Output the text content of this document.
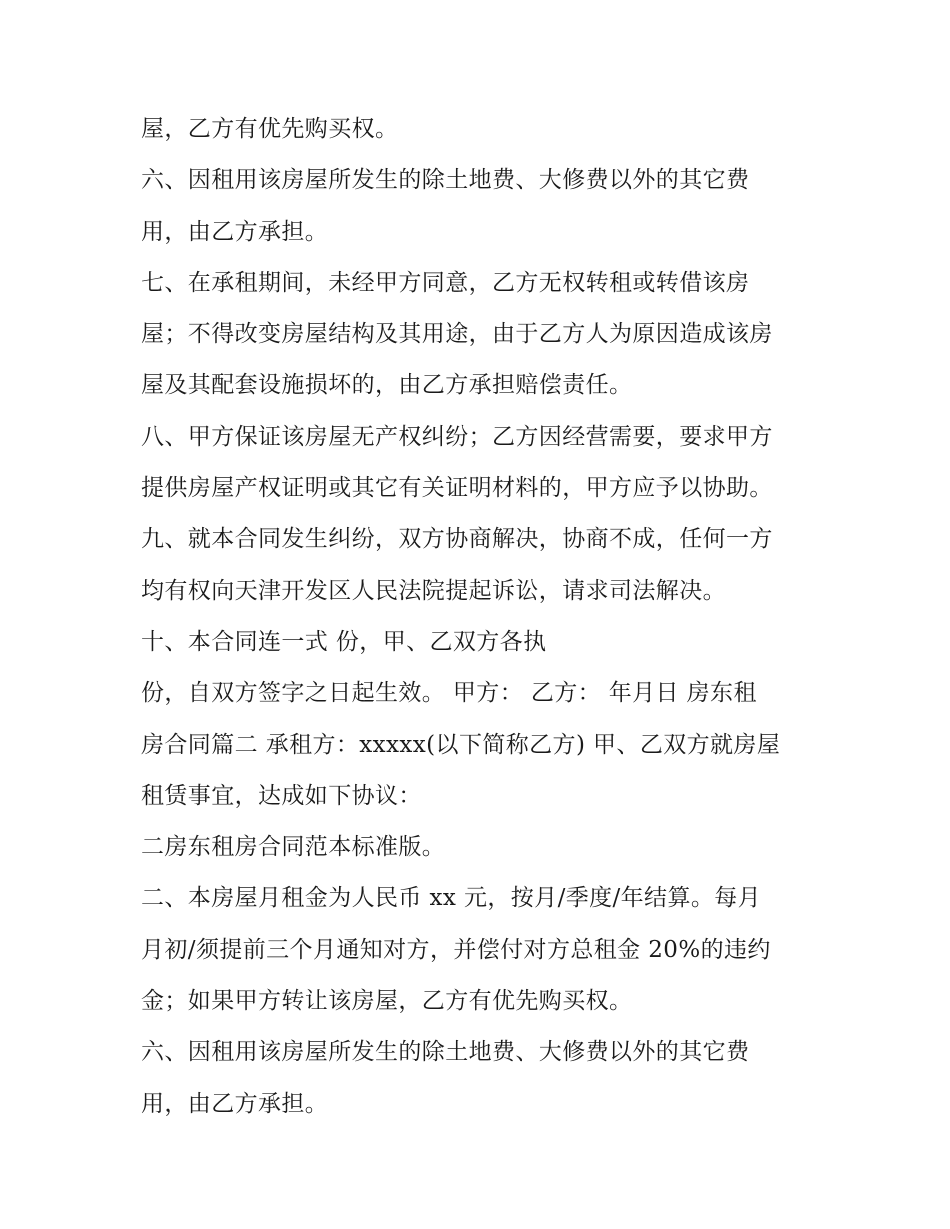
屋，乙方有优先购买权。
六、因租用该房屋所发生的除土地费、大修费以外的其它费
用，由乙方承担。
七、在承租期间，未经甲方同意，乙方无权转租或转借该房
屋；不得改变房屋结构及其用途，由于乙方人为原因造成该房
屋及其配套设施损坏的，由乙方承担赔偿责任。
八、甲方保证该房屋无产权纠纷；乙方因经营需要，要求甲方
提供房屋产权证明或其它有关证明材料的，甲方应予以协助。
九、就本合同发生纠纷，双方协商解决，协商不成，任何一方
均有权向天津开发区人民法院提起诉讼，请求司法解决。
十、本合同连一式 份，甲、乙双方各执
份，自双方签字之日起生效。 甲方： 乙方： 年月日 房东租
房合同篇二 承租方：xxxxx(以下简称乙方) 甲、乙双方就房屋
租赁事宜，达成如下协议：
二房东租房合同范本标准版。
二、本房屋月租金为人民币 xx 元，按月/季度/年结算。每月
月初/须提前三个月通知对方，并偿付对方总租金 20%的违约
金；如果甲方转让该房屋，乙方有优先购买权。
六、因租用该房屋所发生的除土地费、大修费以外的其它费
用，由乙方承担。
